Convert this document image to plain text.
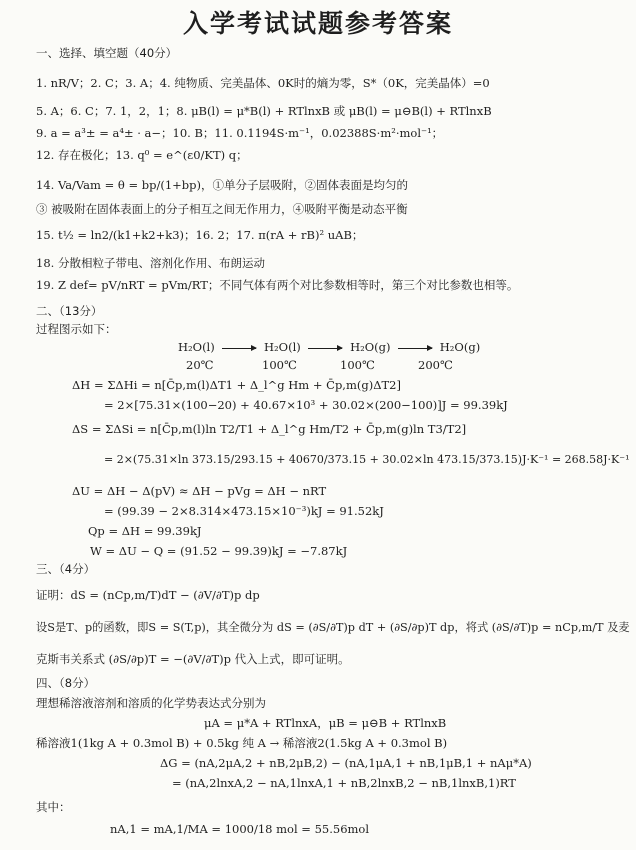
入学考试试题参考答案
一、选择、填空题（40分）
1. nR/V；2. C；3. A；4. 纯物质、完美晶体、0K时的熵为零，S*（0K，完美晶体）=0
5. A；6. C；7. 1，2，1；8. μB(l) = μ*B(l) + RTlnxB 或 μB(l) = μ⊖B(l) + RTlnxB
9. a = a³± = a⁴± · a−；10. B；11. 0.1194S·m⁻¹，0.02388S·m²·mol⁻¹；
12. 存在极化；13. q⁰ = e^(ε0/KT) q；
14. Va/Vam = θ = bp/(1+bp)，①单分子层吸附，②固体表面是均匀的
③ 被吸附在固体表面上的分子相互之间无作用力，④吸附平衡是动态平衡
15. t½ = ln2/(k1+k2+k3)；16. 2；17. π(rA + rB)² uAB；
18. 分散相粒子带电、溶剂化作用、布朗运动
19. Z def= pV/nRT = pVm/RT；不同气体有两个对比参数相等时，第三个对比参数也相等。
二、（13分）
过程图示如下：
ΔH = ΣΔHi = n[C̄p,m(l)ΔT1 + Δ_l^g Hm + C̄p,m(g)ΔT2]
= 2×[75.31×(100−20) + 40.67×10³ + 30.02×(200−100)]J = 99.39kJ
ΔS = ΣΔSi = n[C̄p,m(l)ln T2/T1 + Δ_l^g Hm/T2 + C̄p,m(g)ln T3/T2]
= 2×(75.31×ln 373.15/293.15 + 40670/373.15 + 30.02×ln 473.15/373.15)J·K⁻¹ = 268.58J·K⁻¹
ΔU = ΔH − Δ(pV) ≈ ΔH − pVg = ΔH − nRT
= (99.39 − 2×8.314×473.15×10⁻³)kJ = 91.52kJ
Qp = ΔH = 99.39kJ
W = ΔU − Q = (91.52 − 99.39)kJ = −7.87kJ
三、（4分）
证明：dS = (nCp,m/T)dT − (∂V/∂T)p dp
设S是T、p的函数，即S = S(T,p)，其全微分为 dS = (∂S/∂T)p dT + (∂S/∂p)T dp，将式 (∂S/∂T)p = nCp,m/T 及麦
克斯韦关系式 (∂S/∂p)T = −(∂V/∂T)p 代入上式，即可证明。
四、（8分）
理想稀溶液溶剂和溶质的化学势表达式分别为
μA = μ*A + RTlnxA，μB = μ⊖B + RTlnxB
稀溶液1(1kg A + 0.3mol B) + 0.5kg 纯 A → 稀溶液2(1.5kg A + 0.3mol B)
ΔG = (nA,2μA,2 + nB,2μB,2) − (nA,1μA,1 + nB,1μB,1 + nAμ*A)
= (nA,2lnxA,2 − nA,1lnxA,1 + nB,2lnxB,2 − nB,1lnxB,1)RT
其中：
nA,1 = mA,1/MA = 1000/18 mol = 55.56mol
H₂O(l)	H₂O(l)	H₂O(g)	H₂O(g)
20℃	100℃	100℃	200℃
